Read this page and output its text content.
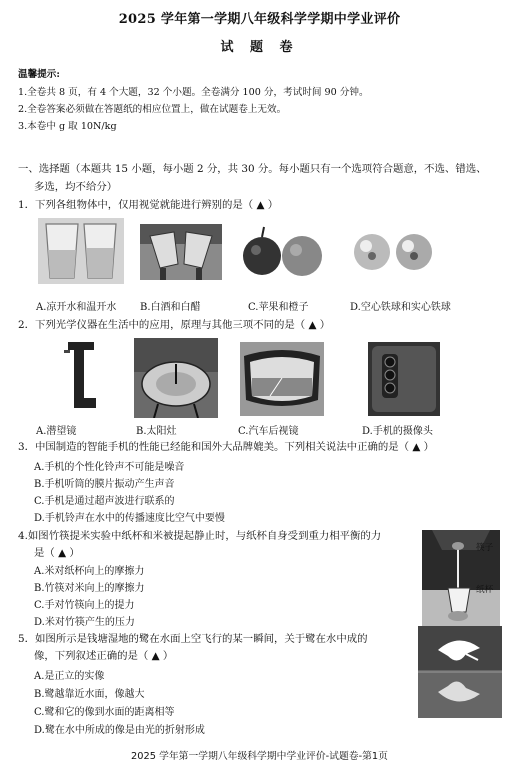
2025 学年第一学期八年级科学学期中学业评价
试 题 卷
温馨提示:
1.全卷共 8 页，有 4 个大题，32 个小题。全卷满分 100 分，考试时间 90 分钟。
2.全卷答案必须做在答题纸的相应位置上，做在试题卷上无效。
3.本卷中 g 取 10N/kg
一、选择题（本题共 15 小题，每小题 2 分，共 30 分。每小题只有一个选项符合题意，不选、错选、
多选，均不给分）
1．下列各组物体中，仅用视觉就能进行辨别的是（ ▲ ）
A.凉开水和温开水 B.白酒和白醋	C.苹果和橙子	D.空心铁球和实心铁球
2．下列光学仪器在生活中的应用，原理与其他三项不同的是（ ▲ ）
A.潜望镜	B.太阳灶	C.汽车后视镜	D.手机的摄像头
3．中国制造的智能手机的性能已经能和国外大品牌媲美。下列相关说法中正确的是（ ▲ ）
A.手机的个性化铃声不可能是噪音
B.手机听筒的膜片振动产生声音
C.手机是通过超声波进行联系的
D.手机铃声在水中的传播速度比空气中要慢
4.如图竹筷提米实验中纸杯和米被提起静止时，与纸杯自身受到重力相平衡的力
是（ ▲ ）
A.米对纸杯向上的摩擦力
B.竹筷对米向上的摩擦力
C.手对竹筷向上的提力
D.米对竹筷产生的压力
筷子
纸杯
5．如图所示是钱塘湿地的鹭在水面上空飞行的某一瞬间，关于鹭在水中成的
像，下列叙述正确的是（ ▲ ）
A.是正立的实像
B.鹭越靠近水面，像越大
C.鹭和它的像到水面的距离相等
D.鹭在水中所成的像是由光的折射形成
2025 学年第一学期八年级科学期中学业评价-试题卷-第1页
